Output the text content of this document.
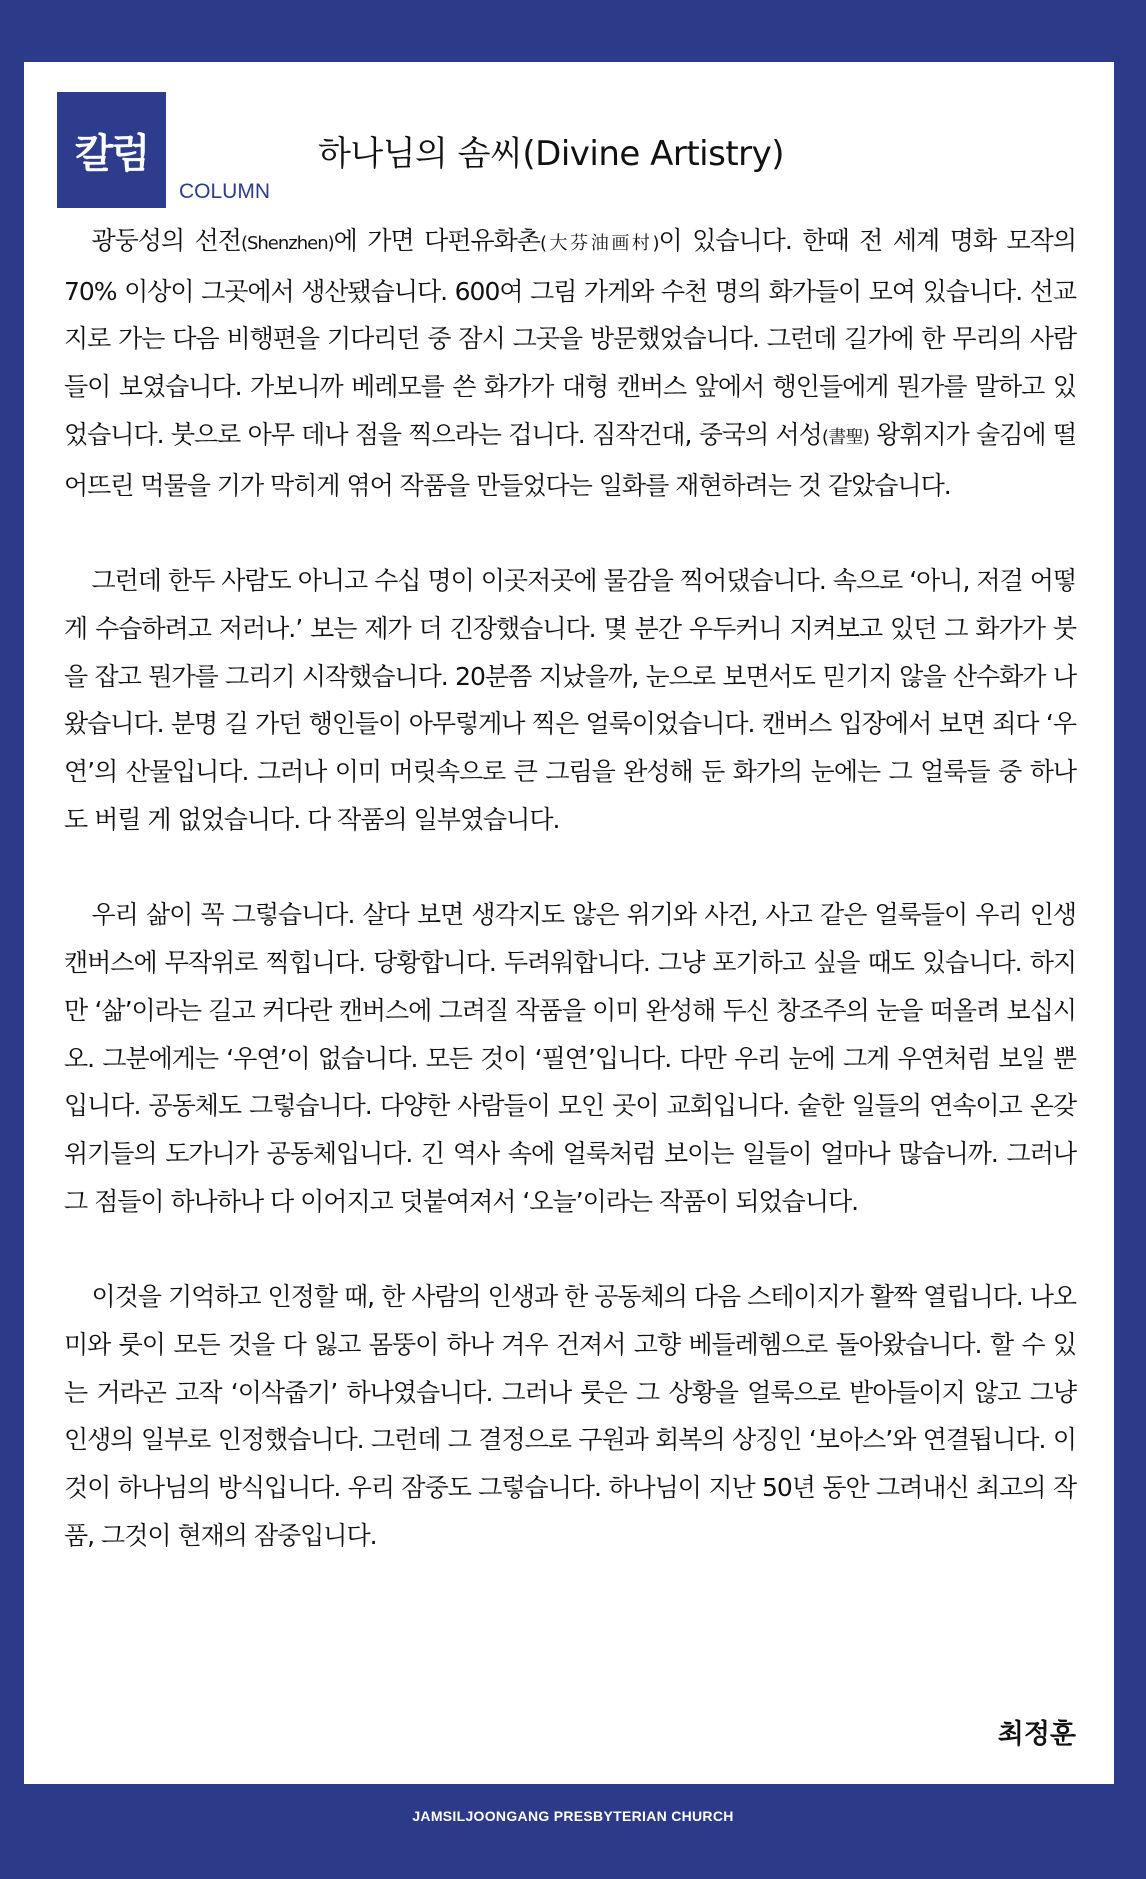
칼럼
COLUMN
하나님의 솜씨(Divine Artistry)

광둥성의 선전(Shenzhen)에 가면 다펀유화촌(大芬油画村)이 있습니다. 한때 전 세계 명화 모작의 70% 이상이 그곳에서 생산됐습니다. 600여 그림 가게와 수천 명의 화가들이 모여 있습니다. 선교지로 가는 다음 비행편을 기다리던 중 잠시 그곳을 방문했었습니다. 그런데 길가에 한 무리의 사람들이 보였습니다. 가보니까 베레모를 쓴 화가가 대형 캔버스 앞에서 행인들에게 뭔가를 말하고 있었습니다. 붓으로 아무 데나 점을 찍으라는 겁니다. 짐작건대, 중국의 서성(書聖) 왕휘지가 술김에 떨어뜨린 먹물을 기가 막히게 엮어 작품을 만들었다는 일화를 재현하려는 것 같았습니다.

그런데 한두 사람도 아니고 수십 명이 이곳저곳에 물감을 찍어댔습니다. 속으로 ‘아니, 저걸 어떻게 수습하려고 저러나.’ 보는 제가 더 긴장했습니다. 몇 분간 우두커니 지켜보고 있던 그 화가가 붓을 잡고 뭔가를 그리기 시작했습니다. 20분쯤 지났을까, 눈으로 보면서도 믿기지 않을 산수화가 나왔습니다. 분명 길 가던 행인들이 아무렇게나 찍은 얼룩이었습니다. 캔버스 입장에서 보면 죄다 ‘우연’의 산물입니다. 그러나 이미 머릿속으로 큰 그림을 완성해 둔 화가의 눈에는 그 얼룩들 중 하나도 버릴 게 없었습니다. 다 작품의 일부였습니다.

우리 삶이 꼭 그렇습니다. 살다 보면 생각지도 않은 위기와 사건, 사고 같은 얼룩들이 우리 인생 캔버스에 무작위로 찍힙니다. 당황합니다. 두려워합니다. 그냥 포기하고 싶을 때도 있습니다. 하지만 ‘삶’이라는 길고 커다란 캔버스에 그려질 작품을 이미 완성해 두신 창조주의 눈을 떠올려 보십시오. 그분에게는 ‘우연’이 없습니다. 모든 것이 ‘필연’입니다. 다만 우리 눈에 그게 우연처럼 보일 뿐입니다. 공동체도 그렇습니다. 다양한 사람들이 모인 곳이 교회입니다. 숱한 일들의 연속이고 온갖 위기들의 도가니가 공동체입니다. 긴 역사 속에 얼룩처럼 보이는 일들이 얼마나 많습니까. 그러나 그 점들이 하나하나 다 이어지고 덧붙여져서 ‘오늘’이라는 작품이 되었습니다.

이것을 기억하고 인정할 때, 한 사람의 인생과 한 공동체의 다음 스테이지가 활짝 열립니다. 나오미와 룻이 모든 것을 다 잃고 몸뚱이 하나 겨우 건져서 고향 베들레헴으로 돌아왔습니다. 할 수 있는 거라곤 고작 ‘이삭줍기’ 하나였습니다. 그러나 룻은 그 상황을 얼룩으로 받아들이지 않고 그냥 인생의 일부로 인정했습니다. 그런데 그 결정으로 구원과 회복의 상징인 ‘보아스’와 연결됩니다. 이것이 하나님의 방식입니다. 우리 잠중도 그렇습니다. 하나님이 지난 50년 동안 그려내신 최고의 작품, 그것이 현재의 잠중입니다.

최정훈
JAMSILJOONGANG PRESBYTERIAN CHURCH
